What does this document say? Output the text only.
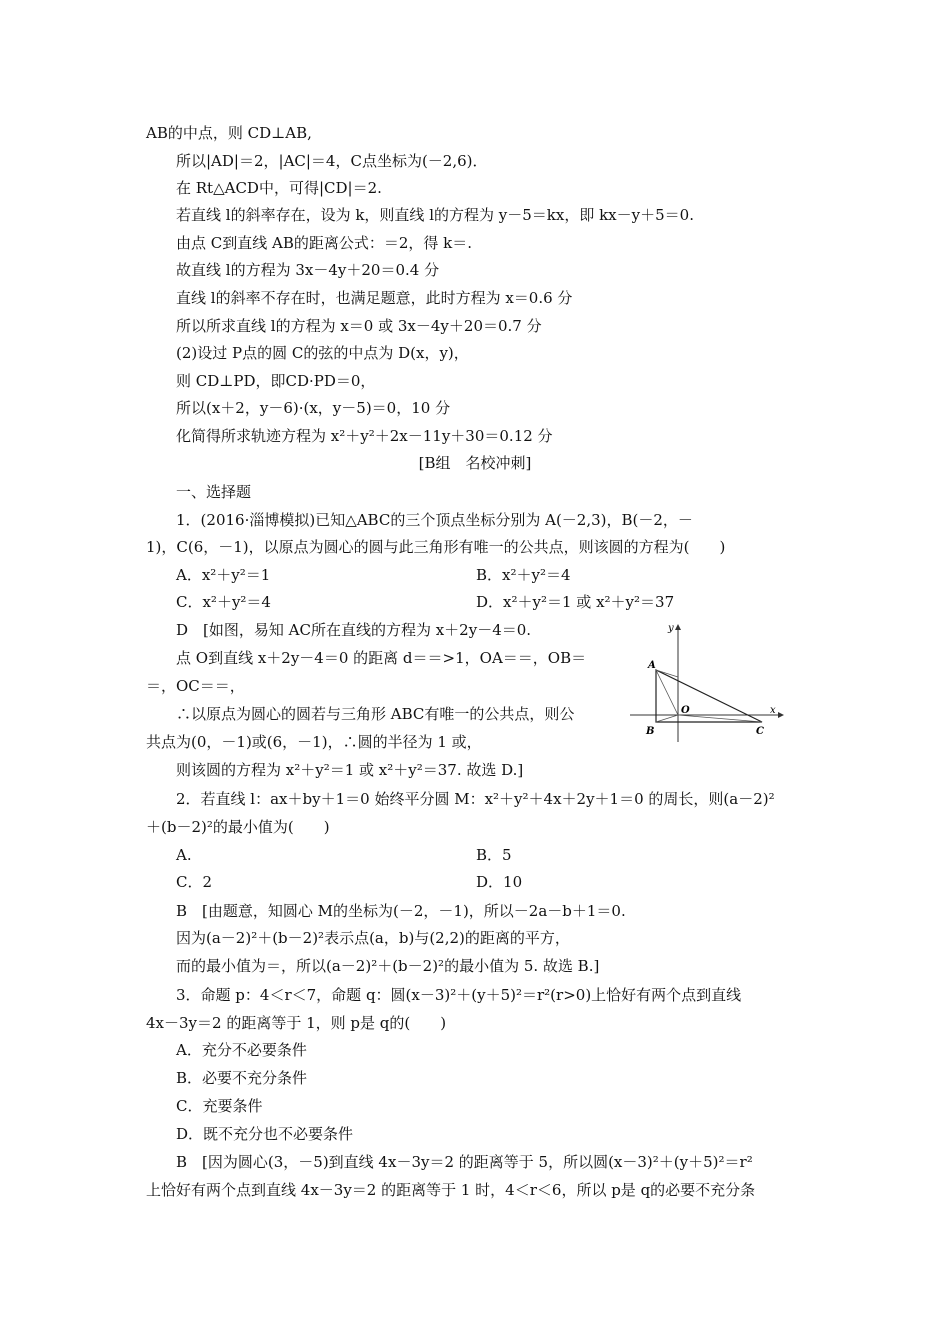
AB的中点，则 CD⊥AB,
所以|AD|＝2，|AC|＝4，C点坐标为(－2,6)．
在 Rt△ACD中，可得|CD|＝2.
若直线 l的斜率存在，设为 k，则直线 l的方程为 y－5＝kx，即 kx－y＋5＝0.
由点 C到直线 AB的距离公式：＝2，得 k＝.
故直线 l的方程为 3x－4y＋20＝0.4 分
直线 l的斜率不存在时，也满足题意，此时方程为 x＝0.6 分
所以所求直线 l的方程为 x＝0 或 3x－4y＋20＝0.7 分
(2)设过 P点的圆 C的弦的中点为 D(x，y)，
则 CD⊥PD，即CD·PD＝0，
所以(x＋2，y－6)·(x，y－5)＝0，10 分
化简得所求轨迹方程为 x²＋y²＋2x－11y＋30＝0.12 分
[B组　名校冲刺]
一、选择题
1．(2016·淄博模拟)已知△ABC的三个顶点坐标分别为 A(－2,3)，B(－2，－
1)，C(6，－1)，以原点为圆心的圆与此三角形有唯一的公共点，则该圆的方程为(　　)
A．x²＋y²＝1	B．x²＋y²＝4
C．x²＋y²＝4	D．x²＋y²＝1 或 x²＋y²＝37
D　[如图，易知 AC所在直线的方程为 x＋2y－4＝0.
点 O到直线 x＋2y－4＝0 的距离 d＝＝>1，OA＝＝，OB＝
＝，OC＝＝，
∴以原点为圆心的圆若与三角形 ABC有唯一的公共点，则公
共点为(0，－1)或(6，－1)，∴圆的半径为 1 或，
则该圆的方程为 x²＋y²＝1 或 x²＋y²＝37. 故选 D.]
2．若直线 l：ax＋by＋1＝0 始终平分圆 M：x²＋y²＋4x＋2y＋1＝0 的周长，则(a－2)²
＋(b－2)²的最小值为(　　)
A.	B．5
C．2	D．10
B　[由题意，知圆心 M的坐标为(－2，－1)，所以－2a－b＋1＝0.
因为(a－2)²＋(b－2)²表示点(a，b)与(2,2)的距离的平方，
而的最小值为＝，所以(a－2)²＋(b－2)²的最小值为 5. 故选 B.]
3．命题 p：4＜r＜7，命题 q：圆(x－3)²＋(y＋5)²＝r²(r>0)上恰好有两个点到直线
4x－3y＝2 的距离等于 1，则 p是 q的(　　)
A．充分不必要条件
B．必要不充分条件
C．充要条件
D．既不充分也不必要条件
B　[因为圆心(3，－5)到直线 4x－3y＝2 的距离等于 5，所以圆(x－3)²＋(y＋5)²＝r²
上恰好有两个点到直线 4x－3y＝2 的距离等于 1 时，4＜r＜6，所以 p是 q的必要不充分条
x
y
A
B
O
C
